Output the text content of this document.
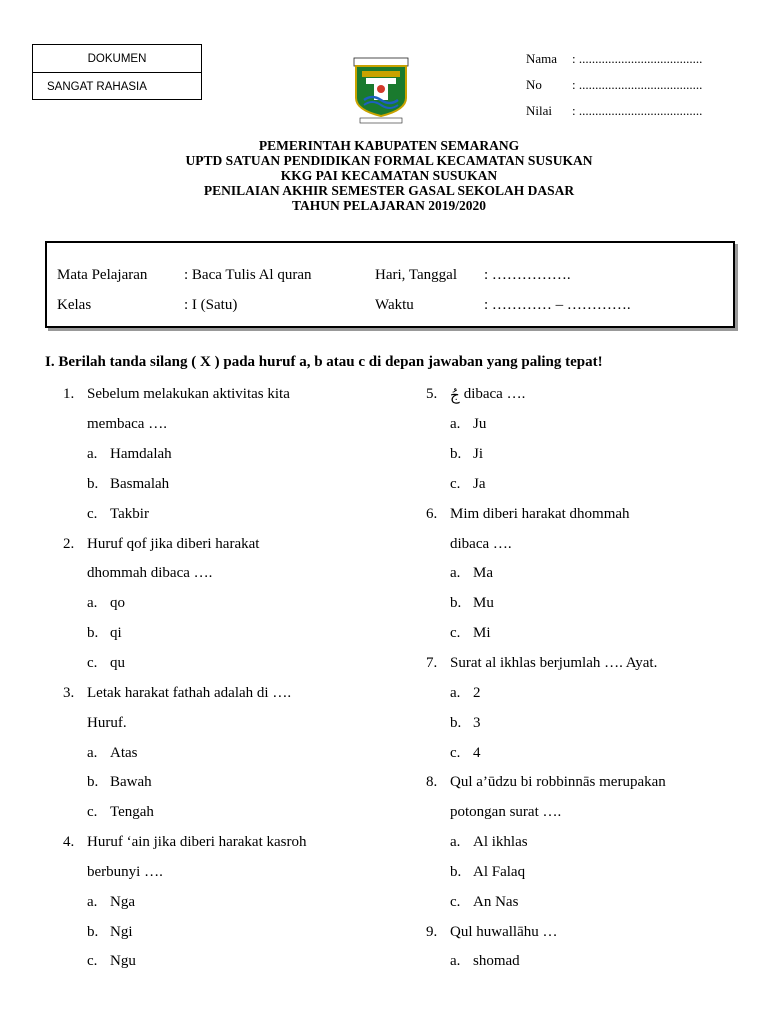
DOKUMEN
SANGAT RAHASIA
Nama	: ......................................
No	: ......................................
Nilai	: ......................................
PEMERINTAH KABUPATEN SEMARANG
UPTD SATUAN PENDIDIKAN FORMAL KECAMATAN SUSUKAN
KKG PAI KECAMATAN SUSUKAN
PENILAIAN AKHIR SEMESTER GASAL SEKOLAH DASAR
TAHUN PELAJARAN 2019/2020
Mata Pelajaran	: Baca Tulis Al quran	Hari, Tanggal	: …………….
Kelas	: I (Satu)	Waktu	: ………… – ………….
I. Berilah tanda silang ( X ) pada huruf a, b atau c di depan jawaban yang paling tepat!
1. Sebelum melakukan aktivitas kita
membaca ….
a. Hamdalah
b. Basmalah
c. Takbir
2. Huruf qof jika diberi harakat
dhommah dibaca ….
a. qo
b. qi
c. qu
3. Letak harakat fathah adalah di ….
Huruf.
a. Atas
b. Bawah
c. Tengah
4. Huruf ‘ain jika diberi harakat kasroh
berbunyi ….
a. Nga
b. Ngi
c. Ngu
5. جُ dibaca ….
a. Ju
b. Ji
c. Ja
6. Mim diberi harakat dhommah
dibaca ….
a. Ma
b. Mu
c. Mi
7. Surat al ikhlas berjumlah …. Ayat.
a. 2
b. 3
c. 4
8. Qul a’ūdzu bi robbinnās merupakan
potongan surat ….
a. Al ikhlas
b. Al Falaq
c. An Nas
9. Qul huwallāhu …
a. shomad
